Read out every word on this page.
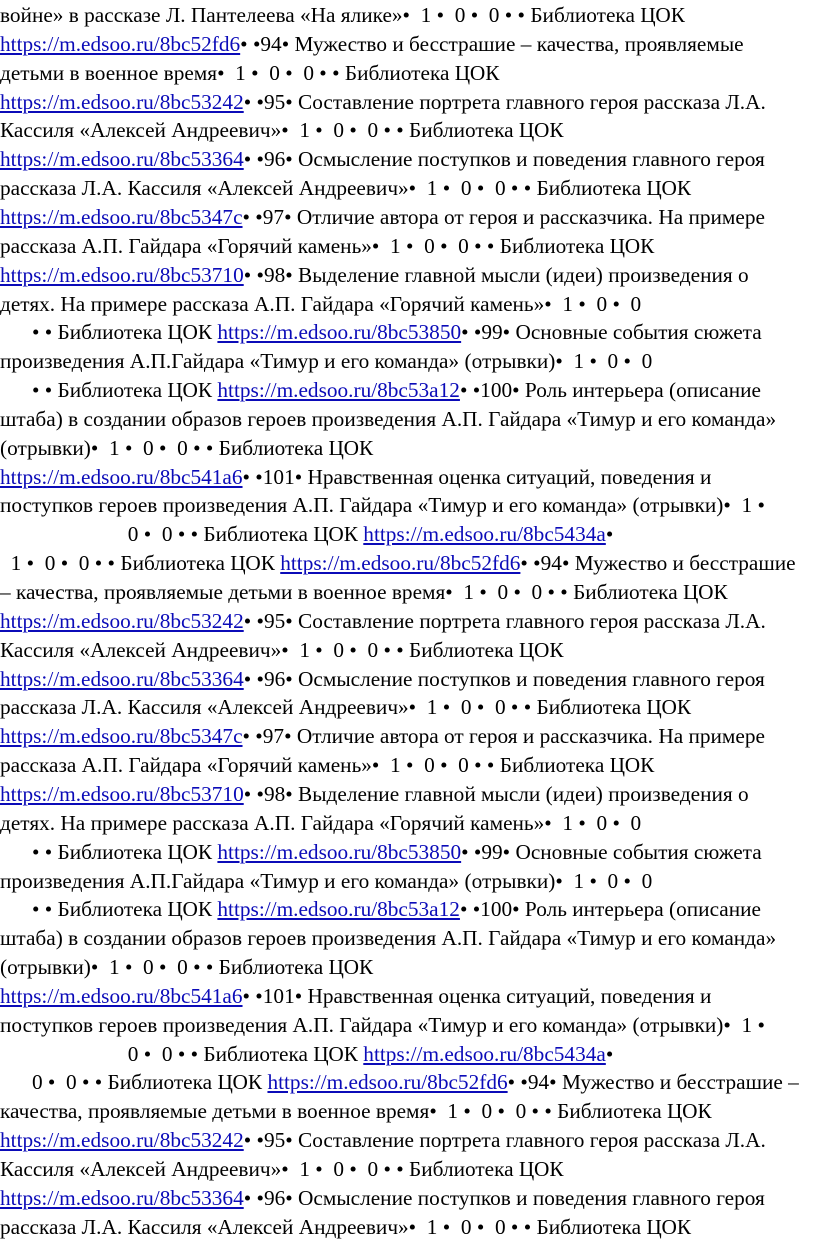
войне» в рассказе Л. Пантелеева «На ялике»•  1 •  0 •  0 • • Библиотека ЦОК
https://m.edsoo.ru/8bc52fd6• •94• Мужество и бесстрашие – качества, проявляемые
детьми в военное время•  1 •  0 •  0 • • Библиотека ЦОК
https://m.edsoo.ru/8bc53242• •95• Составление портрета главного героя рассказа Л.А.
Кассиля «Алексей Андреевич»•  1 •  0 •  0 • • Библиотека ЦОК
https://m.edsoo.ru/8bc53364• •96• Осмысление поступков и поведения главного героя
рассказа Л.А. Кассиля «Алексей Андреевич»•  1 •  0 •  0 • • Библиотека ЦОК
https://m.edsoo.ru/8bc5347c• •97• Отличие автора от героя и рассказчика. На примере
рассказа А.П. Гайдара «Горячий камень»•  1 •  0 •  0 • • Библиотека ЦОК
https://m.edsoo.ru/8bc53710• •98• Выделение главной мысли (идеи) произведения о
детях. На примере рассказа А.П. Гайдара «Горячий камень»•  1 •  0 •  0
• • Библиотека ЦОК https://m.edsoo.ru/8bc53850• •99• Основные события сюжета
произведения А.П.Гайдара «Тимур и его команда» (отрывки)•  1 •  0 •  0
• • Библиотека ЦОК https://m.edsoo.ru/8bc53a12• •100• Роль интерьера (описание
штаба) в создании образов героев произведения А.П. Гайдара «Тимур и его команда»
(отрывки)•  1 •  0 •  0 • • Библиотека ЦОК
https://m.edsoo.ru/8bc541a6• •101• Нравственная оценка ситуаций, поведения и
поступков героев произведения А.П. Гайдара «Тимур и его команда» (отрывки)•  1 •
0 •  0 • • Библиотека ЦОК https://m.edsoo.ru/8bc5434a•
1 •  0 •  0 • • Библиотека ЦОК https://m.edsoo.ru/8bc52fd6• •94• Мужество и бесстрашие
– качества, проявляемые детьми в военное время•  1 •  0 •  0 • • Библиотека ЦОК
https://m.edsoo.ru/8bc53242• •95• Составление портрета главного героя рассказа Л.А.
Кассиля «Алексей Андреевич»•  1 •  0 •  0 • • Библиотека ЦОК
https://m.edsoo.ru/8bc53364• •96• Осмысление поступков и поведения главного героя
рассказа Л.А. Кассиля «Алексей Андреевич»•  1 •  0 •  0 • • Библиотека ЦОК
https://m.edsoo.ru/8bc5347c• •97• Отличие автора от героя и рассказчика. На примере
рассказа А.П. Гайдара «Горячий камень»•  1 •  0 •  0 • • Библиотека ЦОК
https://m.edsoo.ru/8bc53710• •98• Выделение главной мысли (идеи) произведения о
детях. На примере рассказа А.П. Гайдара «Горячий камень»•  1 •  0 •  0
• • Библиотека ЦОК https://m.edsoo.ru/8bc53850• •99• Основные события сюжета
произведения А.П.Гайдара «Тимур и его команда» (отрывки)•  1 •  0 •  0
• • Библиотека ЦОК https://m.edsoo.ru/8bc53a12• •100• Роль интерьера (описание
штаба) в создании образов героев произведения А.П. Гайдара «Тимур и его команда»
(отрывки)•  1 •  0 •  0 • • Библиотека ЦОК
https://m.edsoo.ru/8bc541a6• •101• Нравственная оценка ситуаций, поведения и
поступков героев произведения А.П. Гайдара «Тимур и его команда» (отрывки)•  1 •
0 •  0 • • Библиотека ЦОК https://m.edsoo.ru/8bc5434a•
0 •  0 • • Библиотека ЦОК https://m.edsoo.ru/8bc52fd6• •94• Мужество и бесстрашие –
качества, проявляемые детьми в военное время•  1 •  0 •  0 • • Библиотека ЦОК
https://m.edsoo.ru/8bc53242• •95• Составление портрета главного героя рассказа Л.А.
Кассиля «Алексей Андреевич»•  1 •  0 •  0 • • Библиотека ЦОК
https://m.edsoo.ru/8bc53364• •96• Осмысление поступков и поведения главного героя
рассказа Л.А. Кассиля «Алексей Андреевич»•  1 •  0 •  0 • • Библиотека ЦОК
